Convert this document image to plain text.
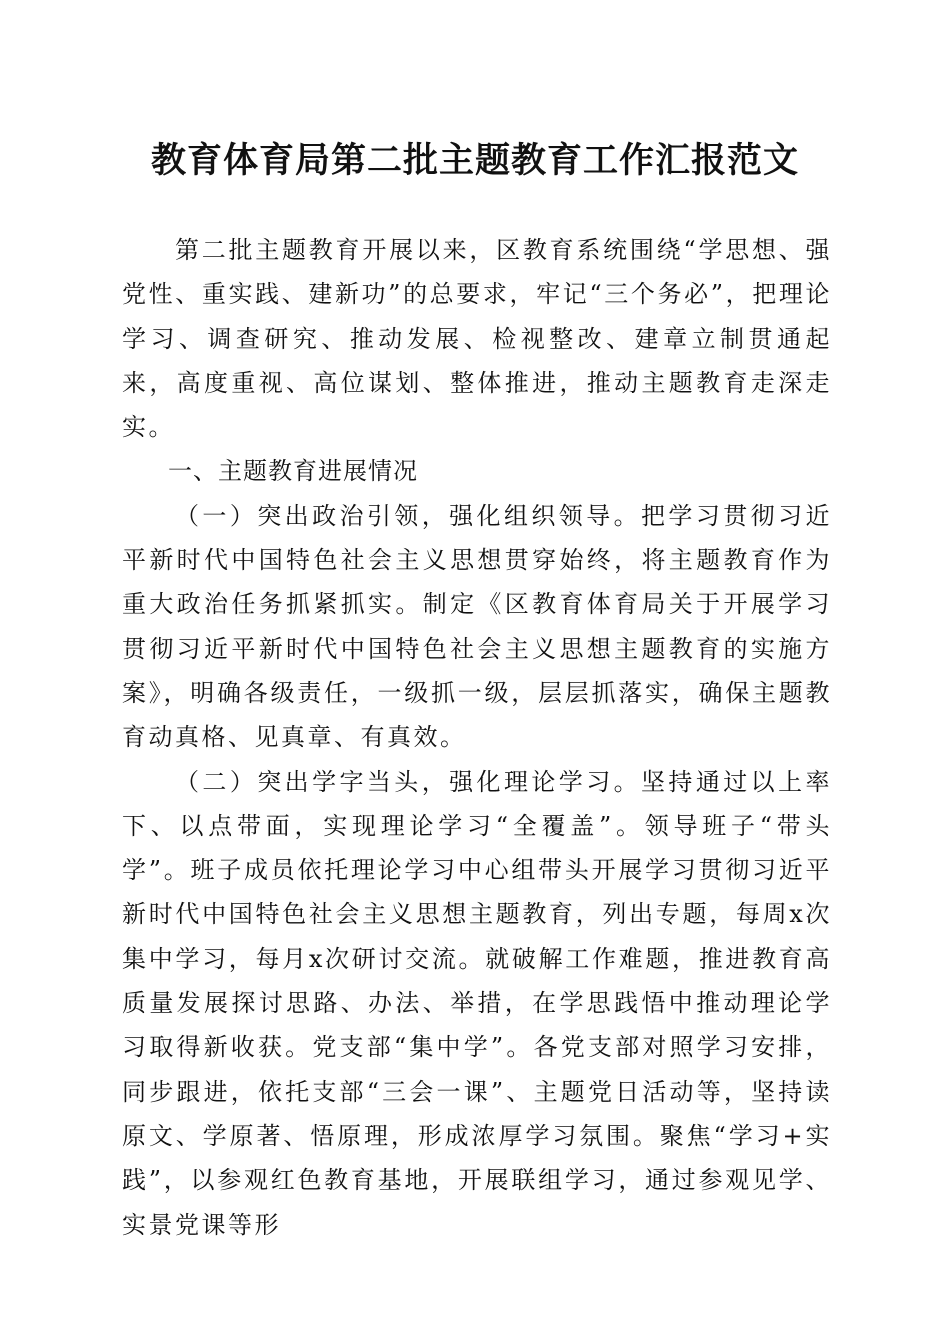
教育体育局第二批主题教育工作汇报范文

第二批主题教育开展以来，区教育系统围绕“学思想、强党性、重实践、建新功”的总要求，牢记“三个务必”，把理论学习、调查研究、推动发展、检视整改、建章立制贯通起来，高度重视、高位谋划、整体推进，推动主题教育走深走实。

一、主题教育进展情况

（一）突出政治引领，强化组织领导。把学习贯彻习近平新时代中国特色社会主义思想贯穿始终，将主题教育作为重大政治任务抓紧抓实。制定《区教育体育局关于开展学习贯彻习近平新时代中国特色社会主义思想主题教育的实施方案》，明确各级责任，一级抓一级，层层抓落实，确保主题教育动真格、见真章、有真效。

（二）突出学字当头，强化理论学习。坚持通过以上率下、以点带面，实现理论学习“全覆盖”。领导班子“带头学”。班子成员依托理论学习中心组带头开展学习贯彻习近平新时代中国特色社会主义思想主题教育，列出专题，每周x次集中学习，每月x次研讨交流。就破解工作难题，推进教育高质量发展探讨思路、办法、举措，在学思践悟中推动理论学习取得新收获。党支部“集中学”。各党支部对照学习安排，同步跟进，依托支部“三会一课”、主题党日活动等，坚持读原文、学原著、悟原理，形成浓厚学习氛围。聚焦“学习+实践”，以参观红色教育基地，开展联组学习，通过参观见学、实景党课等形
